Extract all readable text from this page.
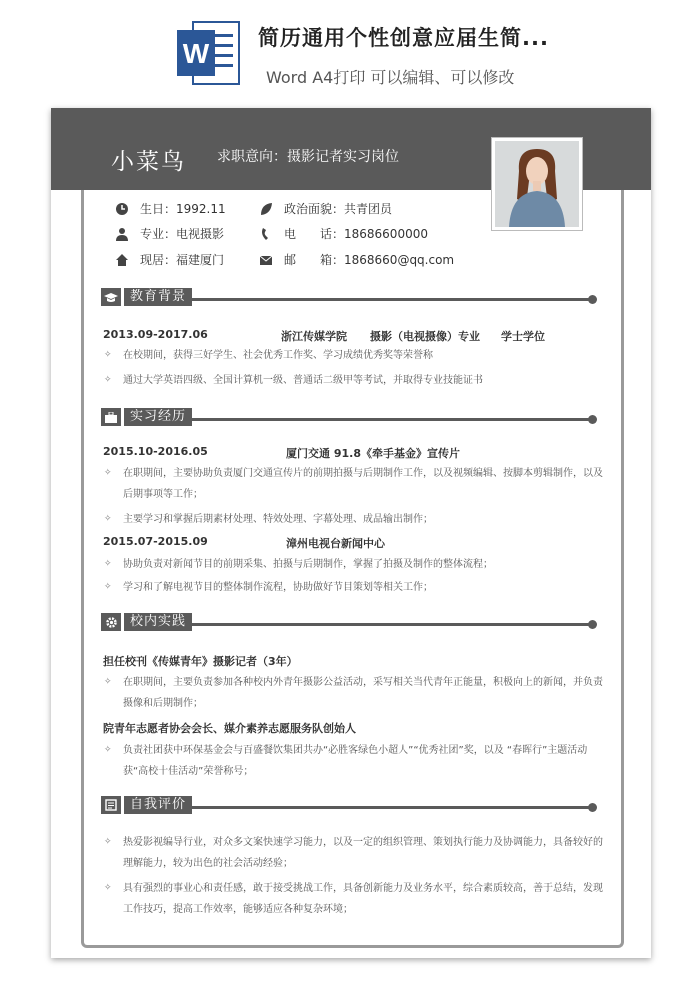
W 简历通用个性创意应届生简...
Word A4打印 可以编辑、可以修改
小菜鸟 求职意向：摄影记者实习岗位
生日：1992.11	政治面貌：共青团员
专业：电视摄影	电　　话：18686600000
现居：福建厦门	邮　　箱：1868660@qq.com
教育背景
2013.09-2017.06	浙江传媒学院 摄影（电视摄像）专业 学士学位
✧	在校期间，获得三好学生、社会优秀工作奖、学习成绩优秀奖等荣誉称
✧	通过大学英语四级、全国计算机一级、普通话二级甲等考试，并取得专业技能证书
实习经历
2015.10-2016.05	厦门交通 91.8《牵手基金》宣传片
✧	在职期间，主要协助负责厦门交通宣传片的前期拍摄与后期制作工作，以及视频编辑、按脚本剪辑制作，以及后期事项等工作；
✧	主要学习和掌握后期素材处理、特效处理、字幕处理、成品输出制作；
2015.07-2015.09	漳州电视台新闻中心
✧	协助负责对新闻节目的前期采集、拍摄与后期制作，掌握了拍摄及制作的整体流程；
✧	学习和了解电视节目的整体制作流程，协助做好节目策划等相关工作；
校内实践
担任校刊《传媒青年》摄影记者（3年）
✧	在职期间，主要负责参加各种校内外青年摄影公益活动，采写相关当代青年正能量，积极向上的新闻，并负责摄像和后期制作；
院青年志愿者协会会长、媒介素养志愿服务队创始人
✧	负责社团获中环保基金会与百盛餐饮集团共办“必胜客绿色小超人”“优秀社团”奖，以及 “春晖行”主题活动获“高校十佳活动”荣誉称号；
自我评价
✧	热爱影视编导行业，对众多文案快速学习能力，以及一定的组织管理、策划执行能力及协调能力，具备较好的理解能力，较为出色的社会活动经验；
✧	具有强烈的事业心和责任感，敢于接受挑战工作，具备创新能力及业务水平，综合素质较高，善于总结，发现工作技巧，提高工作效率，能够适应各种复杂环境；
